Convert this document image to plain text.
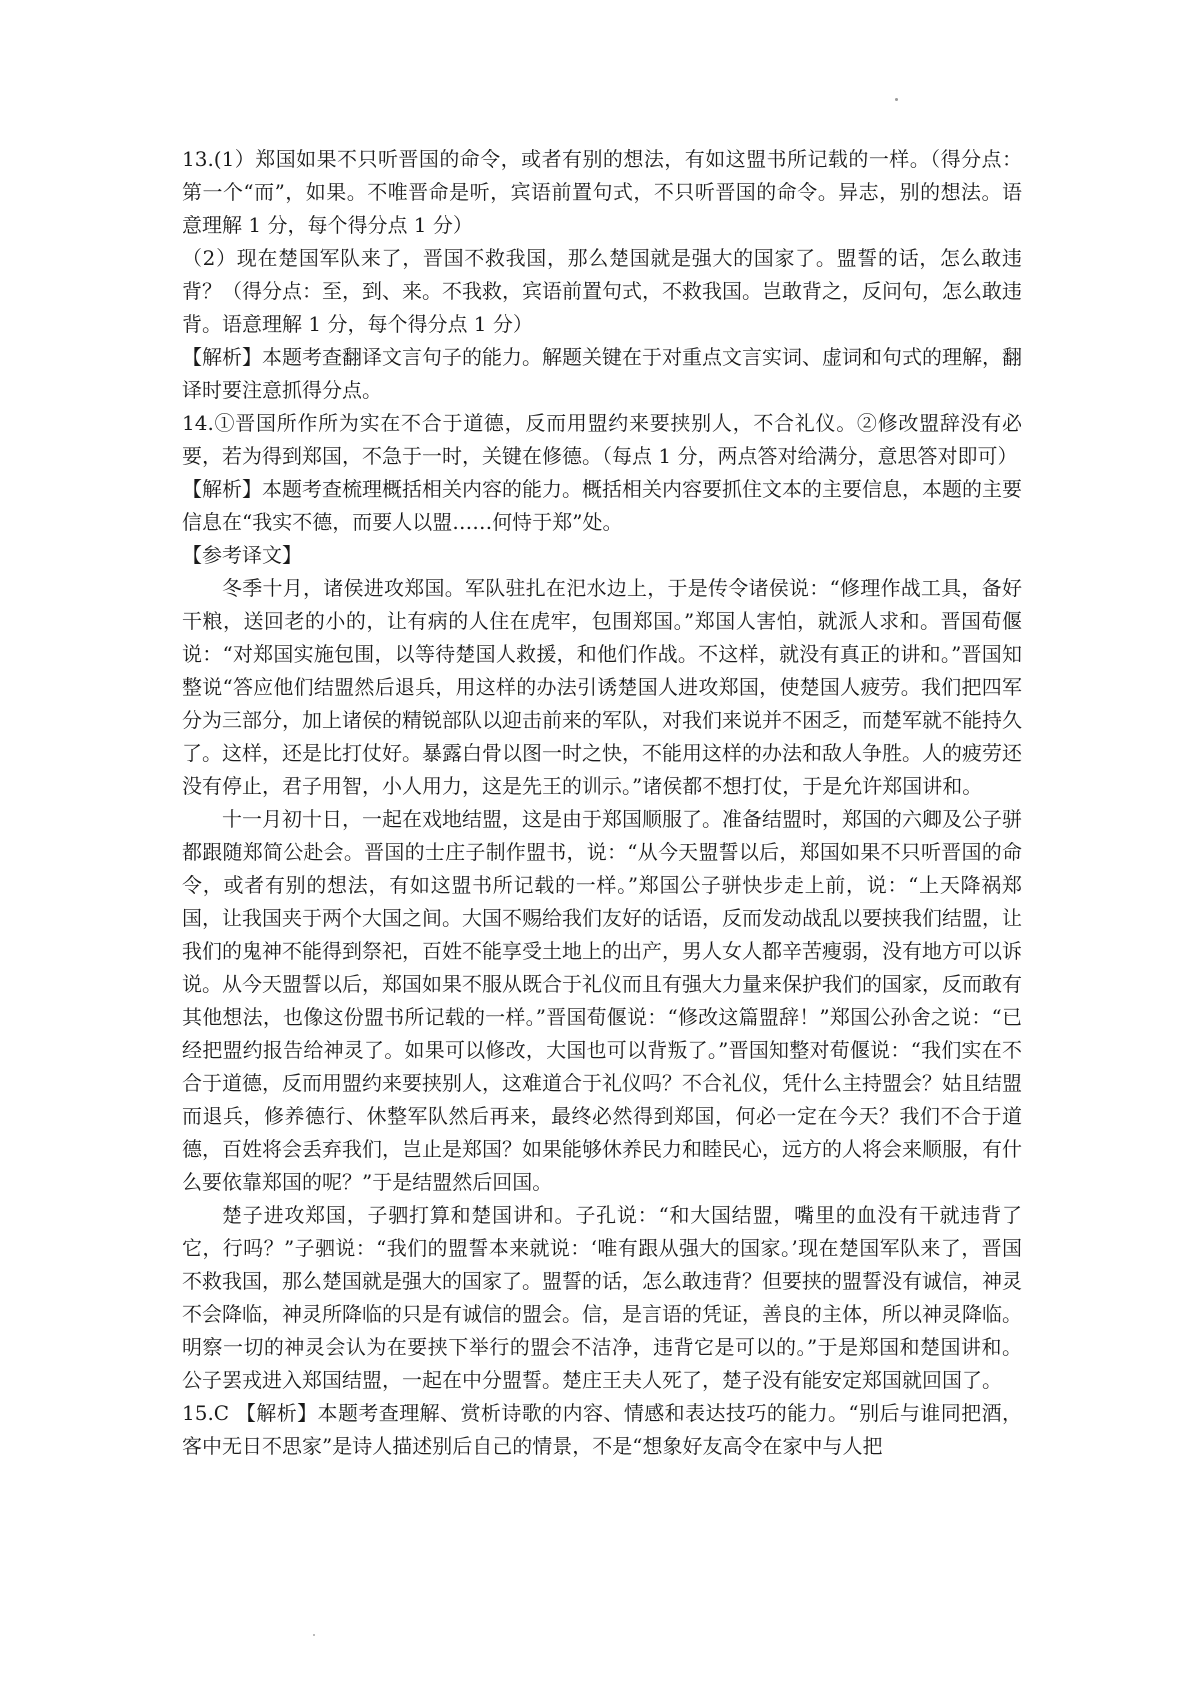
13.(1）郑国如果不只听晋国的命令，或者有别的想法，有如这盟书所记载的一样。（得分点：第一个“而”，如果。不唯晋命是听，宾语前置句式，不只听晋国的命令。异志，别的想法。语意理解 1 分，每个得分点 1 分）

（2）现在楚国军队来了，晋国不救我国，那么楚国就是强大的国家了。盟誓的话，怎么敢违背？（得分点：至，到、来。不我救，宾语前置句式，不救我国。岂敢背之，反问句，怎么敢违背。语意理解 1 分，每个得分点 1 分）

【解析】本题考查翻译文言句子的能力。解题关键在于对重点文言实词、虚词和句式的理解，翻译时要注意抓得分点。

14.①晋国所作所为实在不合于道德，反而用盟约来要挟别人，不合礼仪。②修改盟辞没有必要，若为得到郑国，不急于一时，关键在修德。（每点 1 分，两点答对给满分，意思答对即可）

【解析】本题考查梳理概括相关内容的能力。概括相关内容要抓住文本的主要信息，本题的主要信息在“我实不德，而要人以盟……何恃于郑”处。

【参考译文】

冬季十月，诸侯进攻郑国。军队驻扎在汜水边上，于是传令诸侯说：“修理作战工具，备好干粮，送回老的小的，让有病的人住在虎牢，包围郑国。”郑国人害怕，就派人求和。晋国荀偃说：“对郑国实施包围，以等待楚国人救援，和他们作战。不这样，就没有真正的讲和。”晋国知整说“答应他们结盟然后退兵，用这样的办法引诱楚国人进攻郑国，使楚国人疲劳。我们把四军分为三部分，加上诸侯的精锐部队以迎击前来的军队，对我们来说并不困乏，而楚军就不能持久了。这样，还是比打仗好。暴露白骨以图一时之快，不能用这样的办法和敌人争胜。人的疲劳还没有停止，君子用智，小人用力，这是先王的训示。”诸侯都不想打仗，于是允许郑国讲和。

十一月初十日，一起在戏地结盟，这是由于郑国顺服了。准备结盟时，郑国的六卿及公子骈都跟随郑简公赴会。晋国的士庄子制作盟书，说：“从今天盟誓以后，郑国如果不只听晋国的命令，或者有别的想法，有如这盟书所记载的一样。”郑国公子骈快步走上前，说：“上天降祸郑国，让我国夹于两个大国之间。大国不赐给我们友好的话语，反而发动战乱以要挟我们结盟，让我们的鬼神不能得到祭祀，百姓不能享受土地上的出产，男人女人都辛苦瘦弱，没有地方可以诉说。从今天盟誓以后，郑国如果不服从既合于礼仪而且有强大力量来保护我们的国家，反而敢有其他想法，也像这份盟书所记载的一样。”晋国荀偃说：“修改这篇盟辞！”郑国公孙舍之说：“已经把盟约报告给神灵了。如果可以修改，大国也可以背叛了。”晋国知整对荀偃说：“我们实在不合于道德，反而用盟约来要挟别人，这难道合于礼仪吗？不合礼仪，凭什么主持盟会？姑且结盟而退兵，修养德行、休整军队然后再来，最终必然得到郑国，何必一定在今天？我们不合于道德，百姓将会丢弃我们，岂止是郑国？如果能够休养民力和睦民心，远方的人将会来顺服，有什么要依靠郑国的呢？”于是结盟然后回国。

楚子进攻郑国，子驷打算和楚国讲和。子孔说：“和大国结盟，嘴里的血没有干就违背了它，行吗？”子驷说：“我们的盟誓本来就说：‘唯有跟从强大的国家。’现在楚国军队来了，晋国不救我国，那么楚国就是强大的国家了。盟誓的话，怎么敢违背？但要挟的盟誓没有诚信，神灵不会降临，神灵所降临的只是有诚信的盟会。信，是言语的凭证，善良的主体，所以神灵降临。明察一切的神灵会认为在要挟下举行的盟会不洁净，违背它是可以的。”于是郑国和楚国讲和。公子罢戎进入郑国结盟，一起在中分盟誓。楚庄王夫人死了，楚子没有能安定郑国就回国了。

15.C 【解析】本题考查理解、赏析诗歌的内容、情感和表达技巧的能力。“别后与谁同把酒，客中无日不思家”是诗人描述别后自己的情景，不是“想象好友高令在家中与人把
